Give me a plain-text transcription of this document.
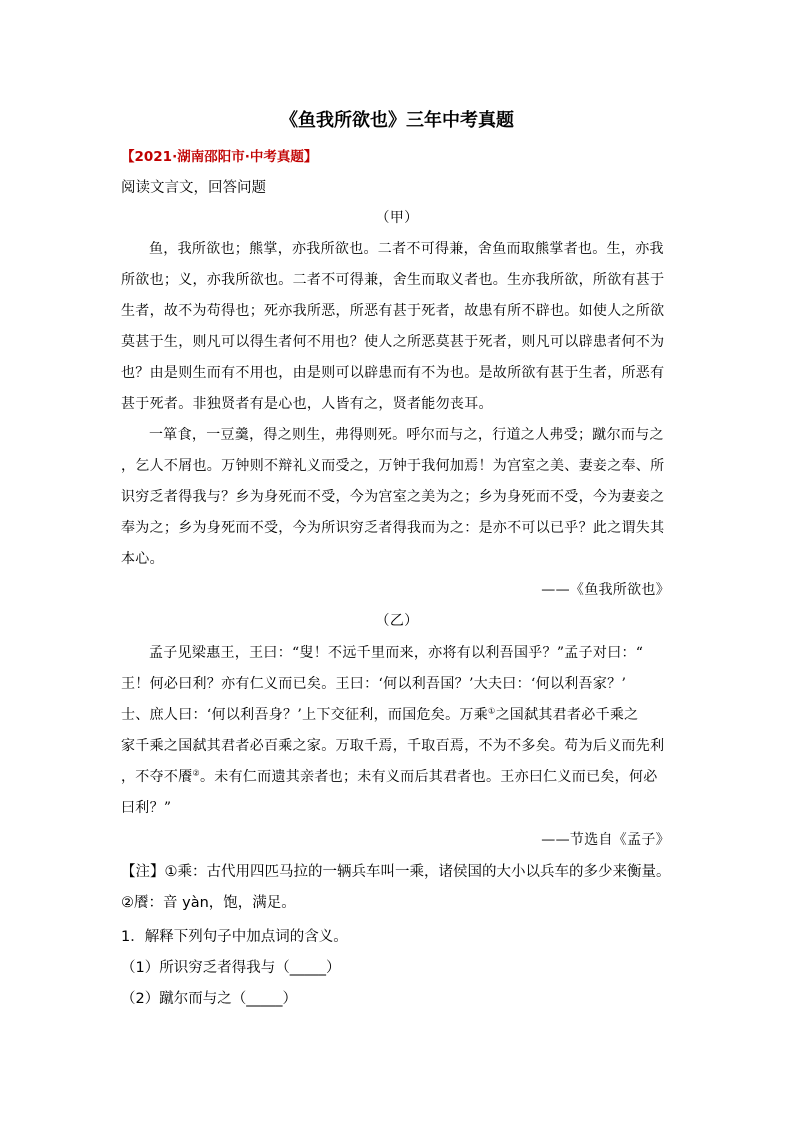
《鱼我所欲也》三年中考真题
【2021·湖南邵阳市·中考真题】
阅读文言文，回答问题
（甲）
鱼，我所欲也；熊掌，亦我所欲也。二者不可得兼，舍鱼而取熊掌者也。生，亦我
所欲也；义，亦我所欲也。二者不可得兼，舍生而取义者也。生亦我所欲，所欲有甚于
生者，故不为苟得也；死亦我所恶，所恶有甚于死者，故患有所不辟也。如使人之所欲
莫甚于生，则凡可以得生者何不用也？使人之所恶莫甚于死者，则凡可以辟患者何不为
也？由是则生而有不用也，由是则可以辟患而有不为也。是故所欲有甚于生者，所恶有
甚于死者。非独贤者有是心也，人皆有之，贤者能勿丧耳。
一箪食，一豆羹，得之则生，弗得则死。呼尔而与之，行道之人弗受；蹴尔而与之
，乞人不屑也。万钟则不辩礼义而受之，万钟于我何加焉！为宫室之美、妻妾之奉、所
识穷乏者得我与？乡为身死而不受，今为宫室之美为之；乡为身死而不受，今为妻妾之
奉为之；乡为身死而不受，今为所识穷乏者得我而为之：是亦不可以已乎？此之谓失其
本心。
——《鱼我所欲也》
（乙）
孟子见梁惠王，王曰：“叟！不远千里而来，亦将有以利吾国乎？”孟子对曰：“
王！何必曰利？亦有仁义而已矣。王曰：‘何以利吾国？’大夫曰：‘何以利吾家？’
士、庶人曰：‘何以利吾身？’上下交征利，而国危矣。万乘①之国弑其君者必千乘之
家千乘之国弑其君者必百乘之家。万取千焉，千取百焉，不为不多矣。苟为后义而先利
，不夺不餍②。未有仁而遗其亲者也；未有义而后其君者也。王亦曰仁义而已矣，何必
曰利？”
——节选自《孟子》
【注】①乘：古代用四匹马拉的一辆兵车叫一乘，诸侯国的大小以兵车的多少来衡量。
②餍：音 yàn，饱，满足。
1．解释下列句子中加点词的含义。
（1）所识穷乏者得我与（_____）
（2）蹴尔而与之（_____）
